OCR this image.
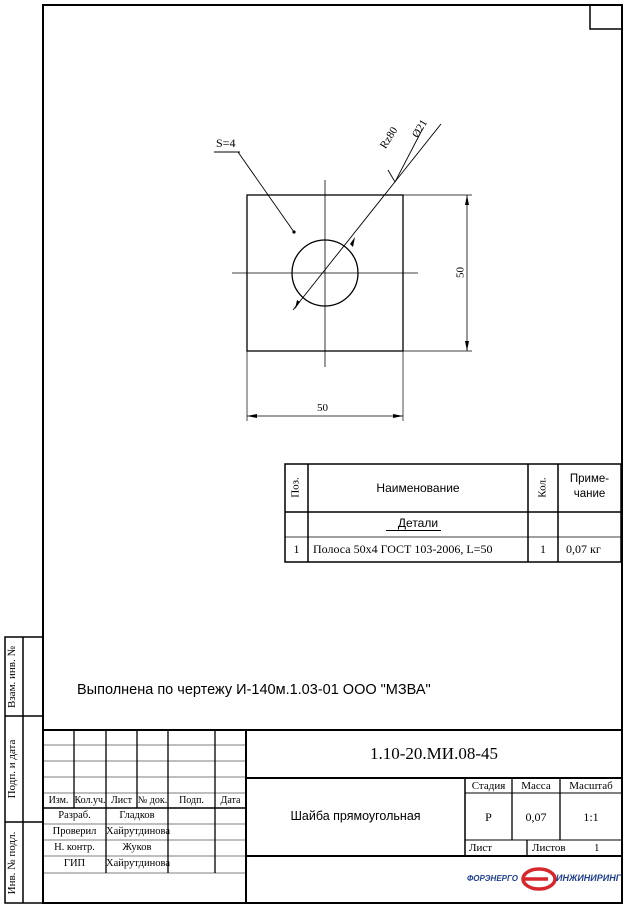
S=4	Rz80 Ø21
50
50
Поз.	Наименование	Кол.	Приме-
чание
Детали
1	Полоса 50х4 ГОСТ 103-2006, L=50	1	0,07 кг
Выполнена по чертежу И-140м.1.03-01 ООО "МЗВА"
Взам. инв. №
Подп. и дата
Инв. № подл.
1.10-20.МИ.08-45
Шайба прямоугольная
Изм. Кол.уч. Лист № док.	Подп.	Дата
Разраб.	Гладков
Проверил Хайрутдинова
Н. контр.	Жуков
ГИП	Хайрутдинова
Стадия	Масса	Масштаб
Р	0,07	1:1
Лист	Листов	1
ФОРЭНЕРГО	ИНЖИНИРИНГ
